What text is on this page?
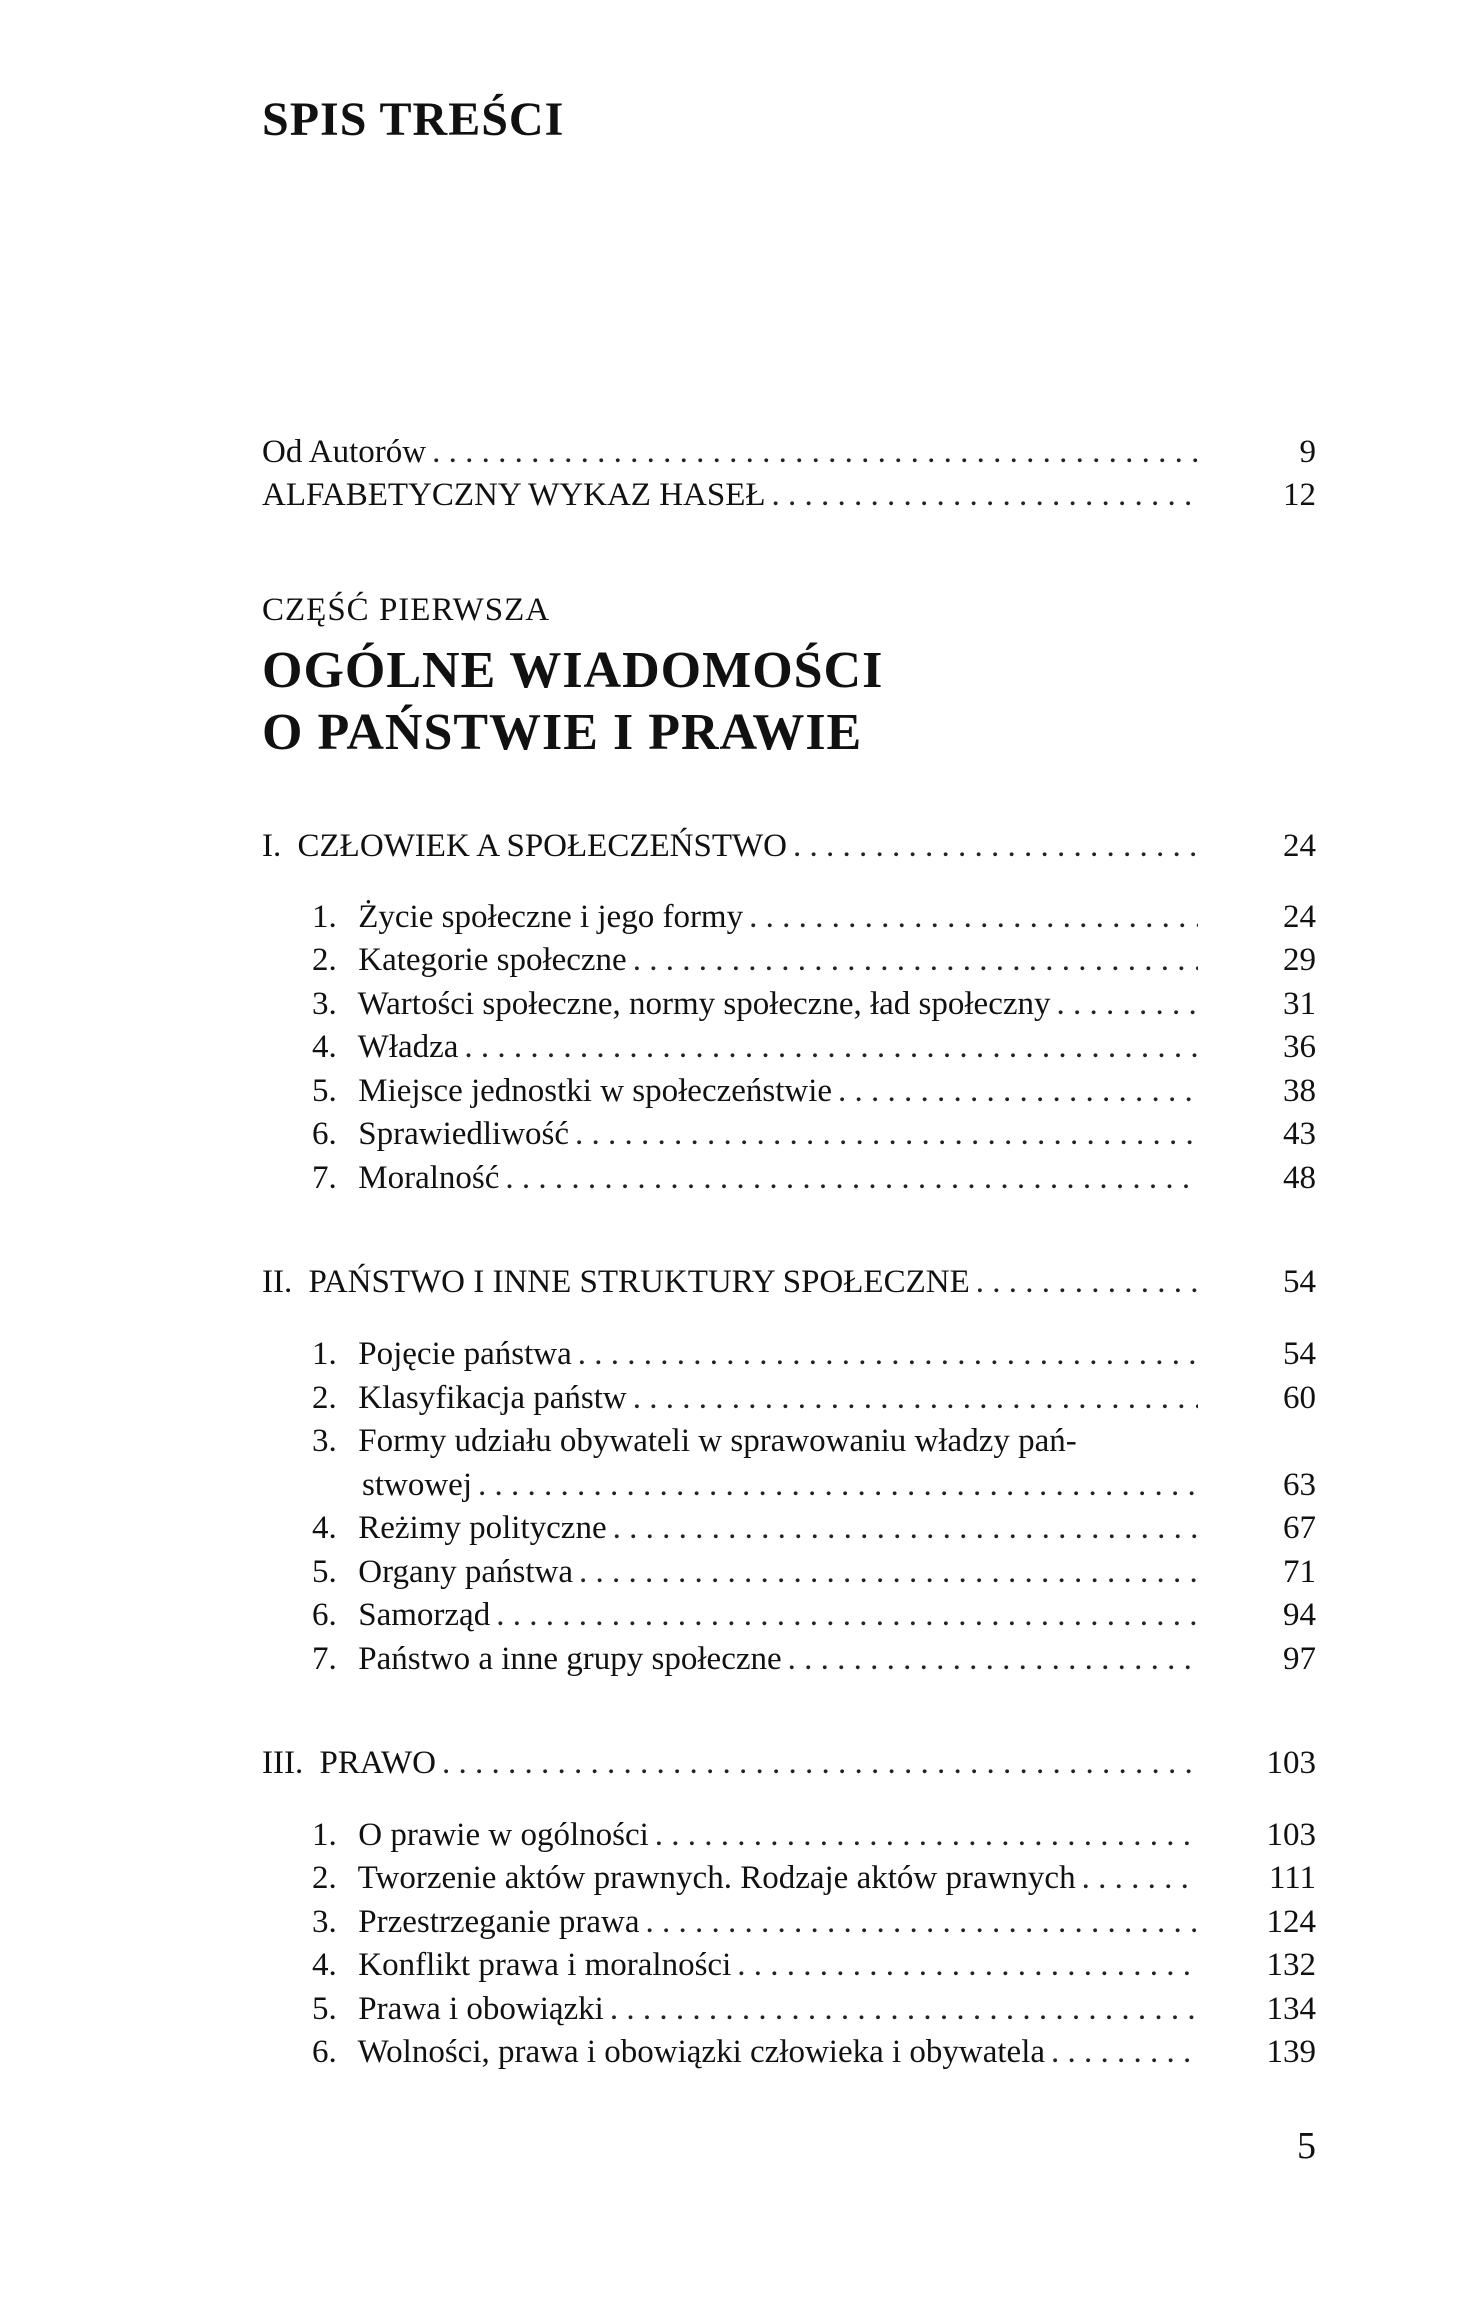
SPIS TREŚCI
Od Autorów . . .	9
ALFABETYCZNY WYKAZ HASEŁ . . .	12
CZĘŚĆ PIERWSZA
OGÓLNE WIADOMOŚCI
O PAŃSTWIE I PRAWIE
I. CZŁOWIEK A SPOŁECZEŃSTWO . . .	24
1. Życie społeczne i jego formy . . .	24
2. Kategorie społeczne . . .	29
3. Wartości społeczne, normy społeczne, ład społeczny . . .	31
4. Władza . . .	36
5. Miejsce jednostki w społeczeństwie . . .	38
6. Sprawiedliwość . . .	43
7. Moralność . . .	48
II. PAŃSTWO I INNE STRUKTURY SPOŁECZNE . . .	54
1. Pojęcie państwa . . .	54
2. Klasyfikacja państw . . .	60
3. Formy udziału obywateli w sprawowaniu władzy pań-
stwowej . . .	63
4. Reżimy polityczne . . .	67
5. Organy państwa . . .	71
6. Samorząd . . .	94
7. Państwo a inne grupy społeczne . . .	97
III. PRAWO . . .	103
1. O prawie w ogólności . . .	103
2. Tworzenie aktów prawnych. Rodzaje aktów prawnych . . .	111
3. Przestrzeganie prawa . . .	124
4. Konflikt prawa i moralności . . .	132
5. Prawa i obowiązki . . .	134
6. Wolności, prawa i obowiązki człowieka i obywatela . . .	139
5
